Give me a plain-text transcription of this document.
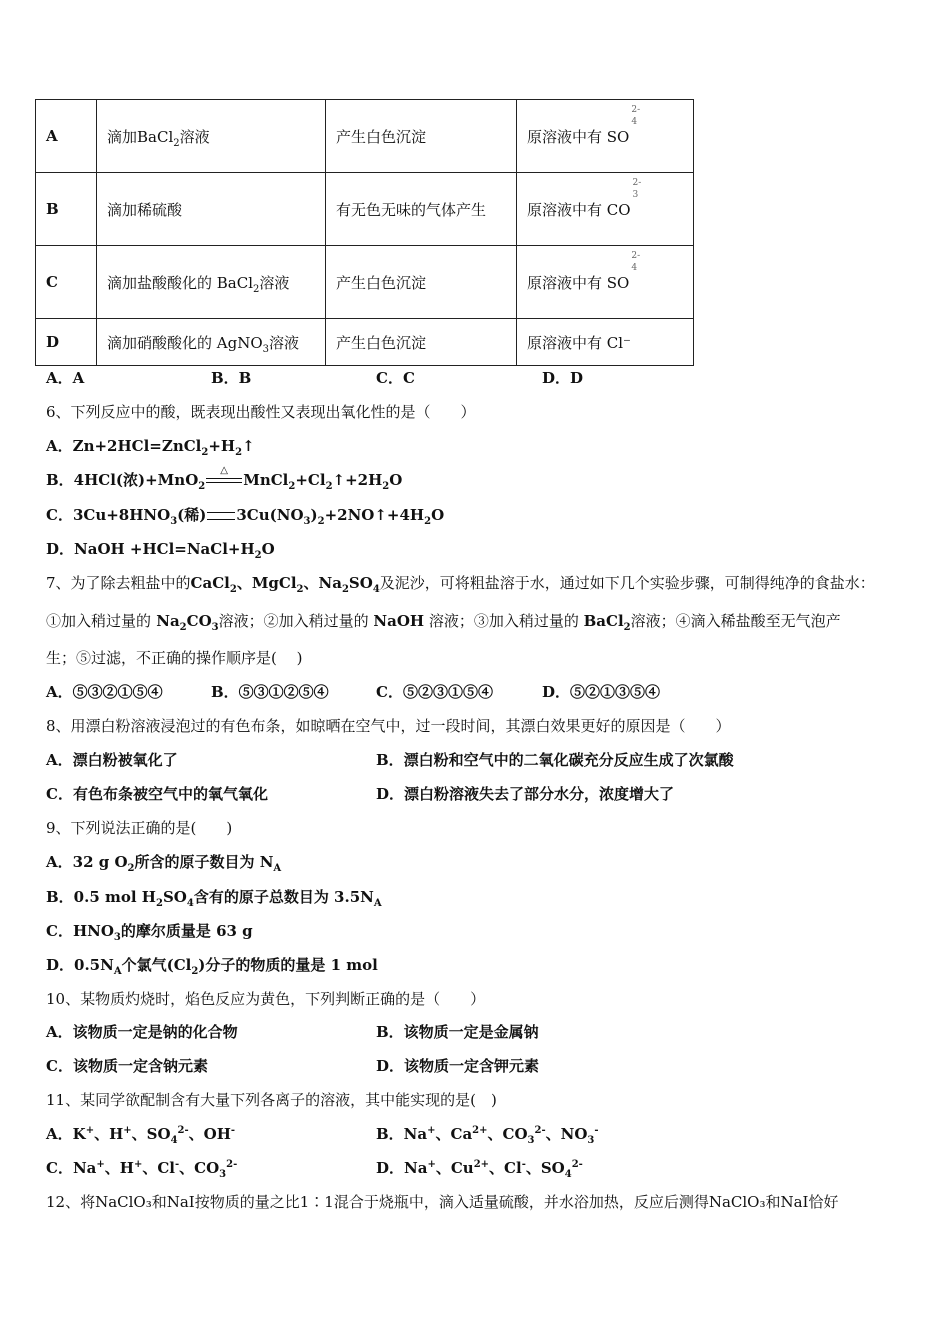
A	滴加BaCl$_2$溶液	产生白色沉淀	原溶液中有 SO
2-
4

B	滴加稀硫酸	有无色无味的气体产生	原溶液中有 CO
2-
3

C	滴加盐酸酸化的 BaCl$_2$溶液	产生白色沉淀	原溶液中有 SO
2-
4

D	滴加硝酸酸化的 AgNO$_3$溶液	产生白色沉淀	原溶液中有 Cl⁻
A．A	B．B	C．C	D．D
6、下列反应中的酸，既表现出酸性又表现出氧化性的是（　　）
A．$Zn+2HCl=ZnCl_2+H_2↑$
B．4HCl(浓)+MnO$_2$
△
$MnCl_2+Cl_2↑+2H_2O$
C．$3Cu+8HNO_3$(稀) $3Cu(NO_3)_2+2NO↑+4H_2O$
D．NaOH $+HCl=NaCl+H_2O$
7、为了除去粗盐中的CaCl$_2$、MgCl$_2$、$Na_2SO_4$及泥沙，可将粗盐溶于水，通过如下几个实验步骤，可制得纯净的食盐水：
①加入稍过量的 $Na_2CO_3$溶液；②加入稍过量的 NaOH 溶液；③加入稍过量的 BaCl$_2$溶液；④滴入稀盐酸至无气泡产
生；⑤过滤，不正确的操作顺序是(　 )
A．⑤③②①⑤④	B．⑤③①②⑤④	C．⑤②③①⑤④	D．⑤②①③⑤④
8、用漂白粉溶液浸泡过的有色布条，如晾晒在空气中，过一段时间，其漂白效果更好的原因是（　　）
A．漂白粉被氧化了	B．漂白粉和空气中的二氧化碳充分反应生成了次氯酸
C．有色布条被空气中的氧气氧化	D．漂白粉溶液失去了部分水分，浓度增大了
9、下列说法正确的是(　　)
A．32 g $O_2$所含的原子数目为 $N_A$
B．0.5 mol $H_2SO_4$含有的原子总数目为 $3.5N_A$
C．$HNO_3$的摩尔质量是 63 g
D．$0.5N_A$个氯气$(Cl_2)$分子的物质的量是 1 mol
10、某物质灼烧时，焰色反应为黄色，下列判断正确的是（　　）
A．该物质一定是钠的化合物	B．该物质一定是金属钠
C．该物质一定含钠元素	D．该物质一定含钾元素
11、某同学欲配制含有大量下列各离子的溶液，其中能实现的是(　)
A．K+、H+、$SO_4^{2-}$、OH-	B．Na+、$Ca^{2+}$、$CO_3^{2-}$、$NO_3^-$
C．Na+、H+、Cl-、$CO_3^{2-}$	D．Na+、$Cu^{2+}$、Cl-、$SO_4^{2-}$
12、将NaClO₃和NaI按物质的量之比1∶1混合于烧瓶中，滴入适量硫酸，并水浴加热，反应后测得NaClO₃和NaI恰好
